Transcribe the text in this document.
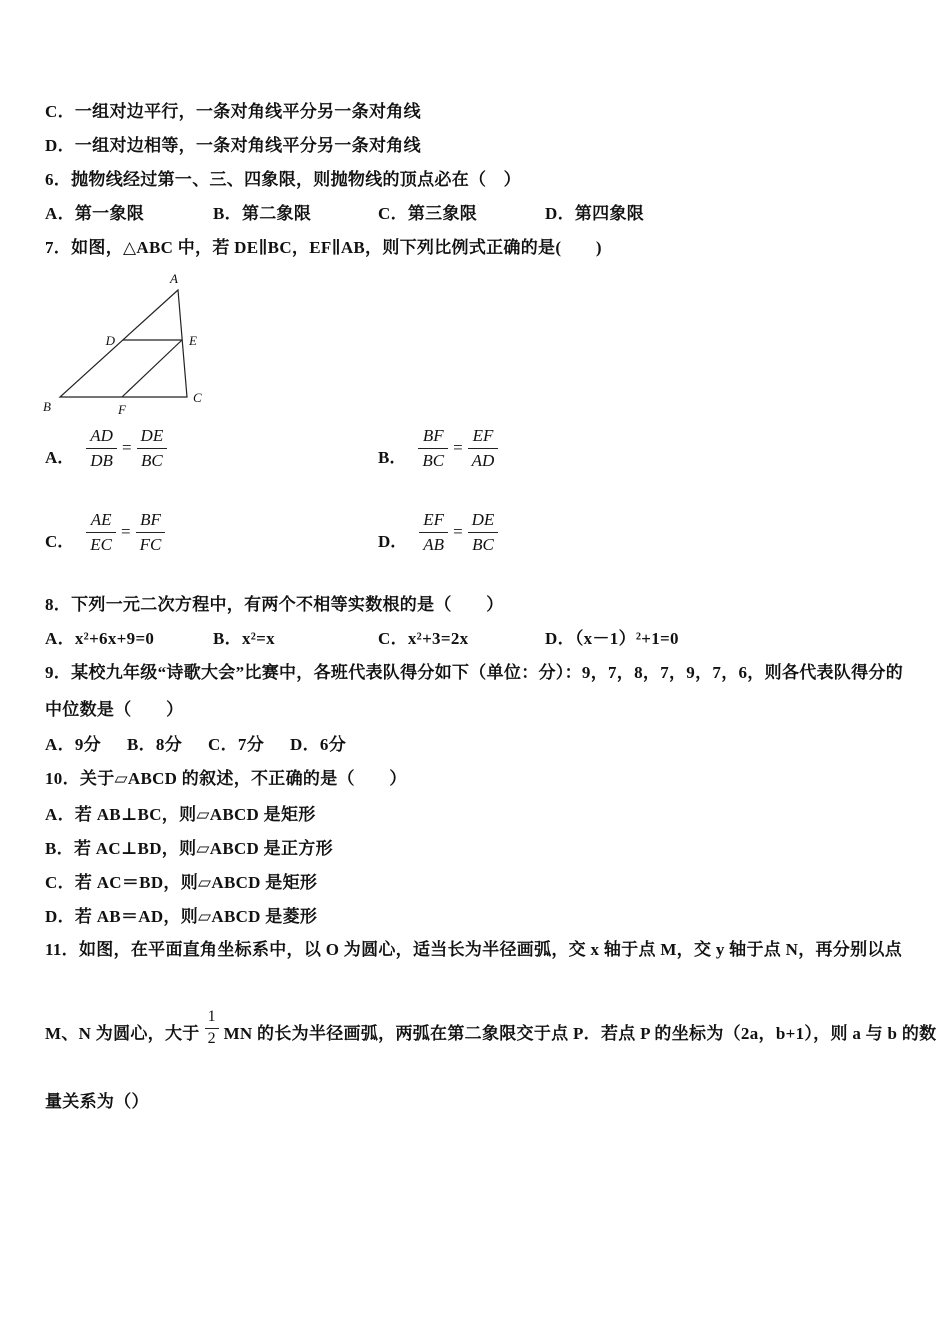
C．一组对边平行，一条对角线平分另一条对角线
D．一组对边相等，一条对角线平分另一条对角线
6．抛物线经过第一、三、四象限，则抛物线的顶点必在（　）
A．第一象限	B．第二象限	C．第三象限	D．第四象限
7．如图，△ABC 中，若 DE∥BC，EF∥AB，则下列比例式正确的是(　　)
A
B
C
D	E
F
A． $\frac{AD}{DB} = \frac{DE}{BC}$	B． $\frac{BF}{BC} = \frac{EF}{AD}$
C． $\frac{AE}{EC} = \frac{BF}{FC}$	D． $\frac{EF}{AB} = \frac{DE}{BC}$
8．下列一元二次方程中，有两个不相等实数根的是（　　）
A．x²+6x+9=0	B．x²=x	C．x²+3=2x	D．（x－1）²+1=0
9．某校九年级“诗歌大会”比赛中，各班代表队得分如下（单位：分）：9，7，8，7，9，7，6，则各代表队得分的
中位数是（　　）
A．9分 B．8分 C．7分 D．6分
10．关于▱ABCD 的叙述，不正确的是（　　）
A．若 AB⊥BC，则▱ABCD 是矩形
B．若 AC⊥BD，则▱ABCD 是正方形
C．若 AC＝BD，则▱ABCD 是矩形
D．若 AB＝AD，则▱ABCD 是菱形
11．如图，在平面直角坐标系中，以 O 为圆心，适当长为半径画弧，交 x 轴于点 M，交 y 轴于点 N，再分别以点
M、N 为圆心，大于 $\frac{1}{2}$ MN 的长为半径画弧，两弧在第二象限交于点 P．若点 P 的坐标为（2a，b+1），则 a 与 b 的数
量关系为（）
